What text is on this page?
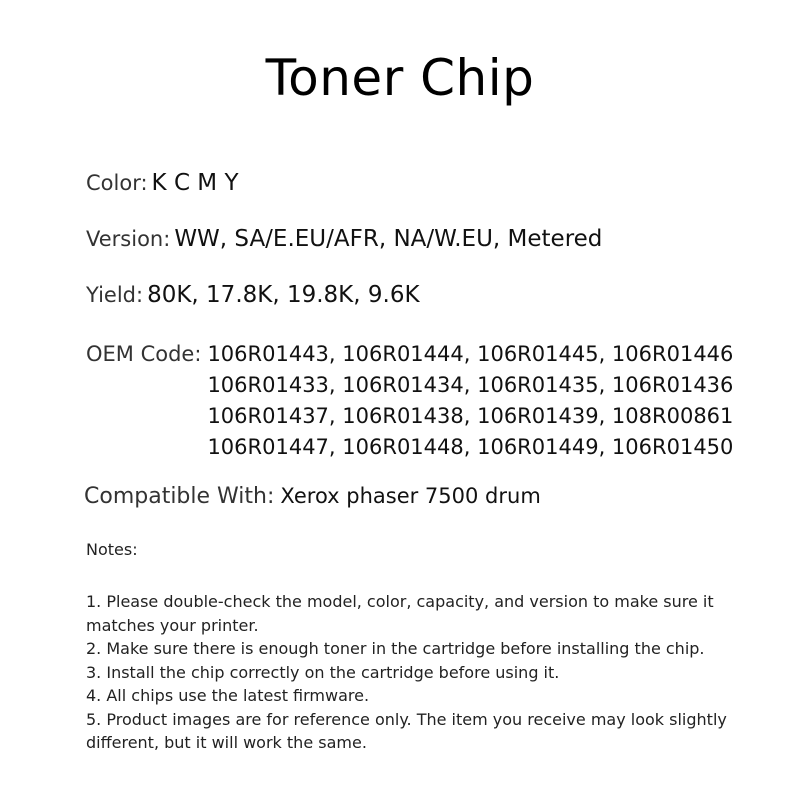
Toner Chip
Color: K C M Y
Version: WW, SA/E.EU/AFR, NA/W.EU, Metered
Yield: 80K, 17.8K, 19.8K, 9.6K
OEM Code: 106R01443, 106R01444, 106R01445, 106R01446
106R01433, 106R01434, 106R01435, 106R01436
106R01437, 106R01438, 106R01439, 108R00861
106R01447, 106R01448, 106R01449, 106R01450
Compatible With: Xerox phaser 7500 drum
Notes:
1. Please double-check the model, color, capacity, and version to make sure it matches your printer.
2. Make sure there is enough toner in the cartridge before installing the chip.
3. Install the chip correctly on the cartridge before using it.
4. All chips use the latest firmware.
5. Product images are for reference only. The item you receive may look slightly different, but it will work the same.
